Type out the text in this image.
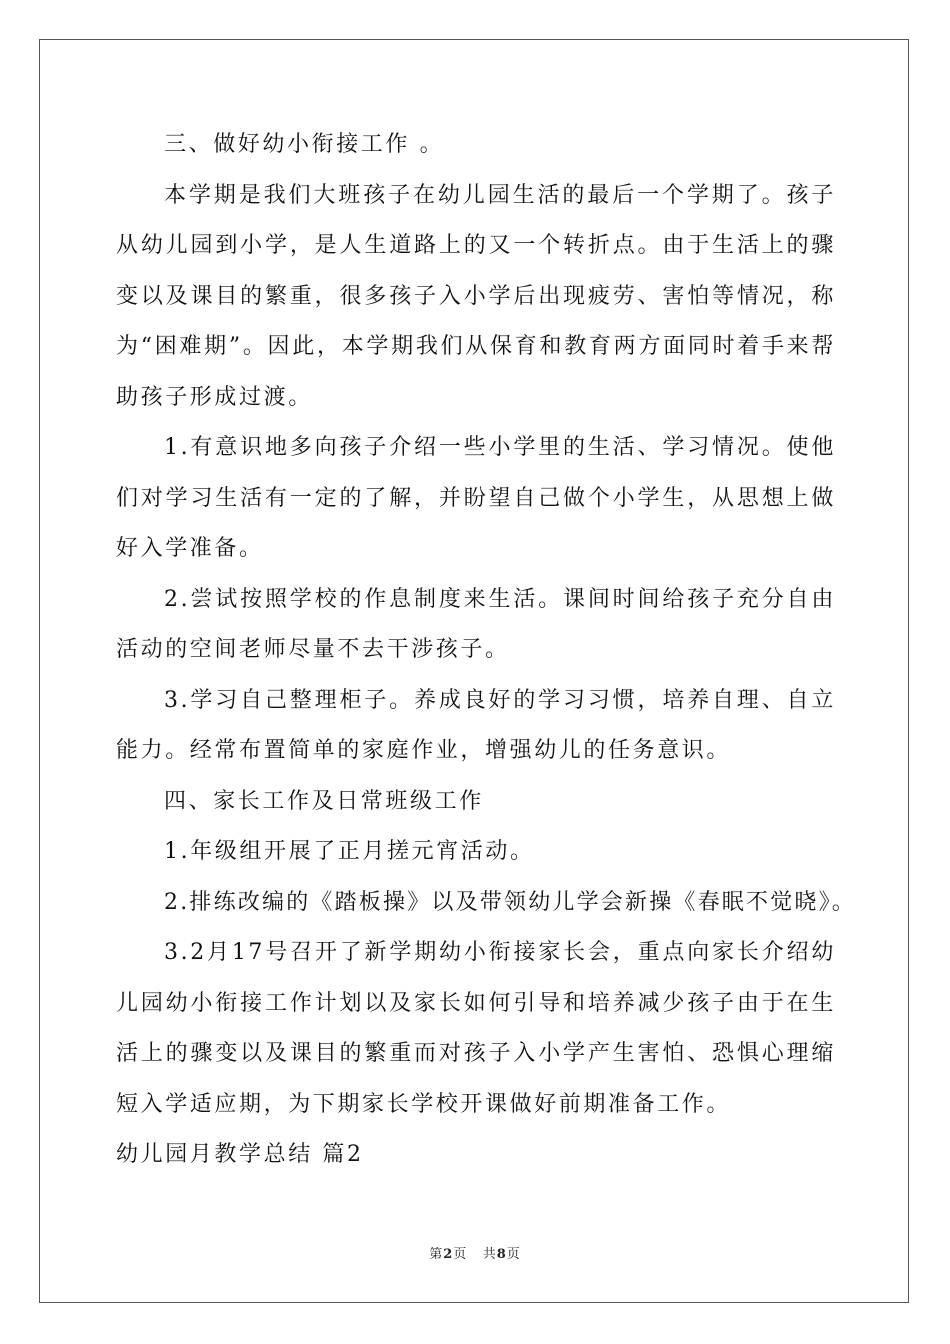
三、做好幼小衔接工作 。

本学期是我们大班孩子在幼儿园生活的最后一个学期了。孩子从幼儿园到小学，是人生道路上的又一个转折点。由于生活上的骤变以及课目的繁重，很多孩子入小学后出现疲劳、害怕等情况，称为“困难期”。因此，本学期我们从保育和教育两方面同时着手来帮助孩子形成过渡。

1.有意识地多向孩子介绍一些小学里的生活、学习情况。使他们对学习生活有一定的了解，并盼望自己做个小学生，从思想上做好入学准备。

2.尝试按照学校的作息制度来生活。课间时间给孩子充分自由活动的空间老师尽量不去干涉孩子。

3.学习自己整理柜子。养成良好的学习习惯，培养自理、自立能力。经常布置简单的家庭作业，增强幼儿的任务意识。

四、家长工作及日常班级工作

1.年级组开展了正月搓元宵活动。

2.排练改编的《踏板操》以及带领幼儿学会新操《春眠不觉晓》。

3.2月17号召开了新学期幼小衔接家长会，重点向家长介绍幼儿园幼小衔接工作计划以及家长如何引导和培养减少孩子由于在生活上的骤变以及课目的繁重而对孩子入小学产生害怕、恐惧心理缩短入学适应期，为下期家长学校开课做好前期准备工作。

幼儿园月教学总结 篇2

第2页 共8页
